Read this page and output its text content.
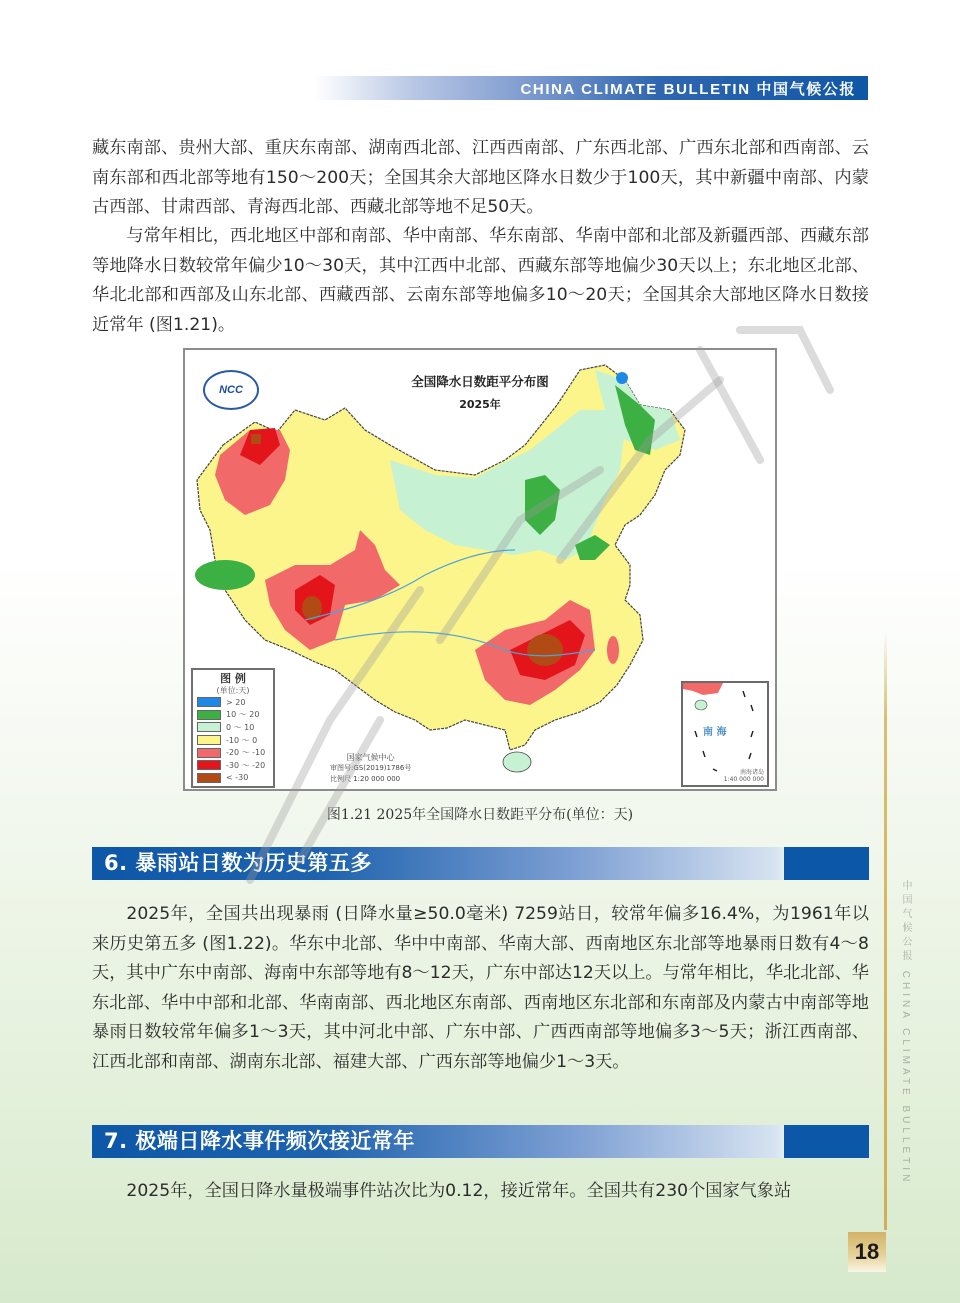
CHINA CLIMATE BULLETIN 中国气候公报

藏东南部、贵州大部、重庆东南部、湖南西北部、江西西南部、广东西北部、广西东北部和西南部、云南东部和西北部等地有150～200天；全国其余大部地区降水日数少于100天，其中新疆中南部、内蒙古西部、甘肃西部、青海西北部、西藏北部等地不足50天。

与常年相比，西北地区中部和南部、华中南部、华东南部、华南中部和北部及新疆西部、西藏东部等地降水日数较常年偏少10～30天，其中江西中北部、西藏东部等地偏少30天以上；东北地区北部、华北北部和西部及山东北部、西藏西部、云南东部等地偏多10～20天；全国其余大部地区降水日数接近常年 (图1.21)。

NCC
全国降水日数距平分布图
2025年
图 例
(单位:天)
> 20
10 ～ 20
0 ～ 10
-10 ～ 0
-20 ～ -10
-30 ～ -20
< -30
国家气候中心
审图号:GS(2019)1786号
比例尺 1:20 000 000
南 海
南海诸岛
1:40 000 000
图1.21 2025年全国降水日数距平分布(单位：天)
6. 暴雨站日数为历史第五多

2025年，全国共出现暴雨 (日降水量≥50.0毫米) 7259站日，较常年偏多16.4%，为1961年以来历史第五多 (图1.22)。华东中北部、华中中南部、华南大部、西南地区东北部等地暴雨日数有4～8天，其中广东中南部、海南中东部等地有8～12天，广东中部达12天以上。与常年相比，华北北部、华东北部、华中中部和北部、华南南部、西北地区东南部、西南地区东北部和东南部及内蒙古中南部等地暴雨日数较常年偏多1～3天，其中河北中部、广东中部、广西西南部等地偏多3～5天；浙江西南部、江西北部和南部、湖南东北部、福建大部、广西东部等地偏少1～3天。

7. 极端日降水事件频次接近常年

2025年，全国日降水量极端事件站次比为0.12，接近常年。全国共有230个国家气象站

中国气候公报 CHINA CLIMATE BULLETIN
18
